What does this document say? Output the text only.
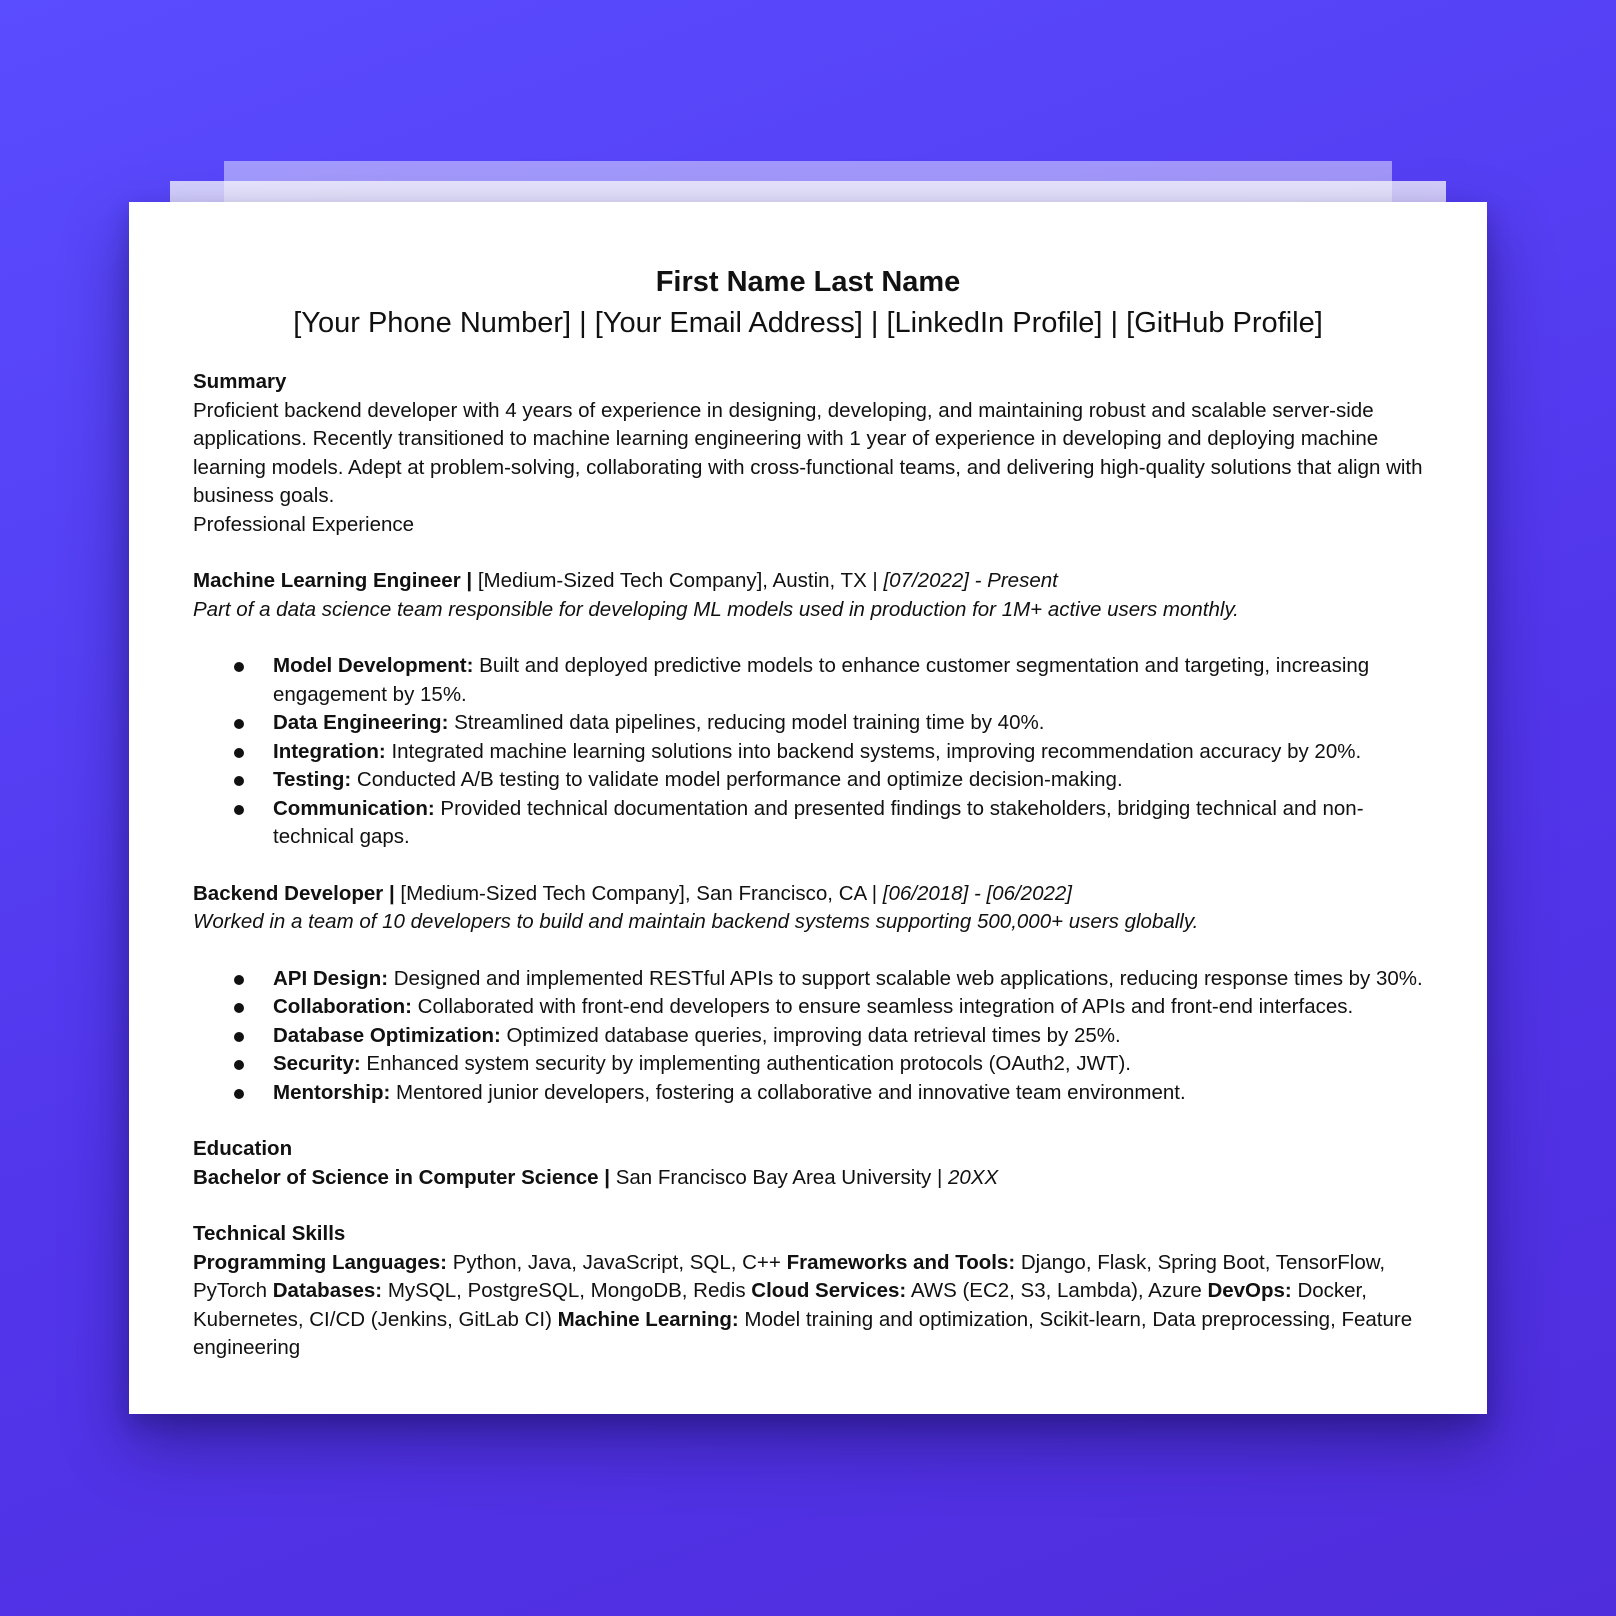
First Name Last Name
[Your Phone Number] | [Your Email Address] | [LinkedIn Profile] | [GitHub Profile]
Summary
Proficient backend developer with 4 years of experience in designing, developing, and maintaining robust and scalable server-side applications. Recently transitioned to machine learning engineering with 1 year of experience in developing and deploying machine learning models. Adept at problem-solving, collaborating with cross-functional teams, and delivering high-quality solutions that align with business goals.
Professional Experience
Machine Learning Engineer | [Medium-Sized Tech Company], Austin, TX | [07/2022] - Present
Part of a data science team responsible for developing ML models used in production for 1M+ active users monthly.
Model Development: Built and deployed predictive models to enhance customer segmentation and targeting, increasing engagement by 15%.
Data Engineering: Streamlined data pipelines, reducing model training time by 40%.
Integration: Integrated machine learning solutions into backend systems, improving recommendation accuracy by 20%.
Testing: Conducted A/B testing to validate model performance and optimize decision-making.
Communication: Provided technical documentation and presented findings to stakeholders, bridging technical and non-technical gaps.
Backend Developer | [Medium-Sized Tech Company], San Francisco, CA | [06/2018] - [06/2022]
Worked in a team of 10 developers to build and maintain backend systems supporting 500,000+ users globally.
API Design: Designed and implemented RESTful APIs to support scalable web applications, reducing response times by 30%.
Collaboration: Collaborated with front-end developers to ensure seamless integration of APIs and front-end interfaces.
Database Optimization: Optimized database queries, improving data retrieval times by 25%.
Security: Enhanced system security by implementing authentication protocols (OAuth2, JWT).
Mentorship: Mentored junior developers, fostering a collaborative and innovative team environment.
Education
Bachelor of Science in Computer Science | San Francisco Bay Area University | 20XX
Technical Skills
Programming Languages: Python, Java, JavaScript, SQL, C++ Frameworks and Tools: Django, Flask, Spring Boot, TensorFlow, PyTorch Databases: MySQL, PostgreSQL, MongoDB, Redis Cloud Services: AWS (EC2, S3, Lambda), Azure DevOps: Docker, Kubernetes, CI/CD (Jenkins, GitLab CI) Machine Learning: Model training and optimization, Scikit-learn, Data preprocessing, Feature engineering
